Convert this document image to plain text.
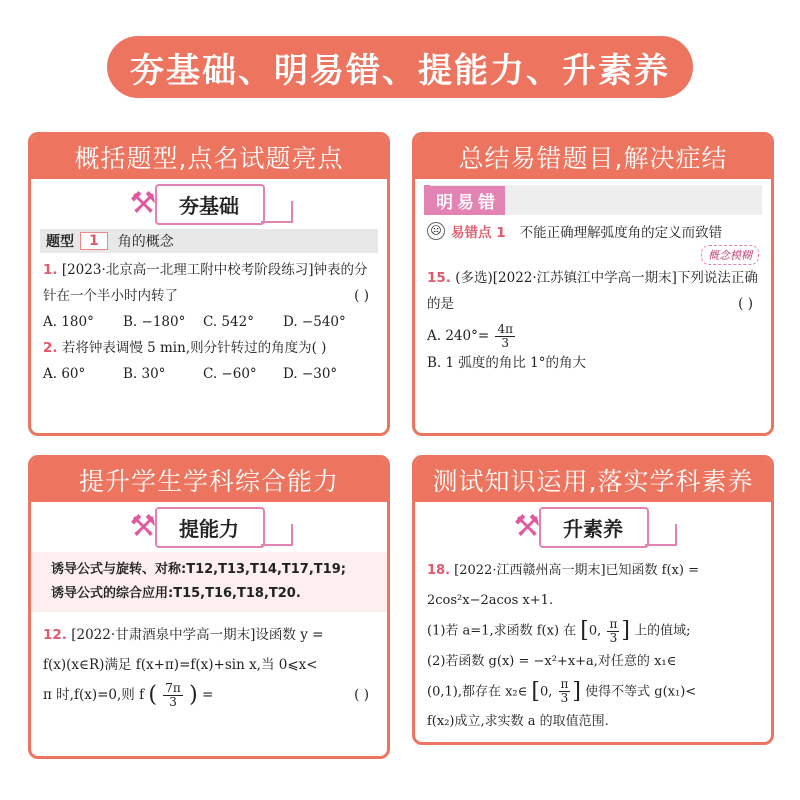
夯基础、明易错、提能力、升素养
概括题型,点名试题亮点
⚒	夯基础
题型	1	角的概念
1. [2023·北京高一北理工附中校考阶段练习]钟表的分针在一个半小时内转了	( )
A. 180°	B. −180°	C. 542°	D. −540°
2. 若将钟表调慢 5 min,则分针转过的角度为( )
A. 60°	B. 30°	C. −60°	D. −30°
总结易错题目,解决症结
明易错
☹ 易错点 1 不能正确理解弧度角的定义而致错
概念模糊
15. (多选)[2022·江苏镇江中学高一期末]下列说法正确的是	( )
A. $240^\circ= \frac{4\pi}{3}$
B. 1 弧度的角比 1°的角大
提升学生学科综合能力
⚒	提能力
诱导公式与旋转、对称:T12,T13,T14,T17,T19;
诱导公式的综合应用:T15,T16,T18,T20.
12. [2022·甘肃酒泉中学高一期末]设函数 y =
f(x)(x∈R)满足 f(x+π)=f(x)+sin x,当 0⩽x<
π 时,f(x)=0,则 f ( $\frac{7\pi}{3}$ ) =	( )
测试知识运用,落实学科素养
⚒	升素养
18. [2022·江西赣州高一期末]已知函数 f(x) =
2cos²x−2acos x+1.
(1)若 a=1,求函数 f(x) 在 [0, $\frac{\pi}{3}$ ] 上的值域;
(2)若函数 g(x) = −x²+x+a,对任意的 x₁∈
(0,1),都存在 x₂∈ [0, $\frac{\pi}{3}$ ] 使得不等式 g(x₁)<
f(x₂)成立,求实数 a 的取值范围.
